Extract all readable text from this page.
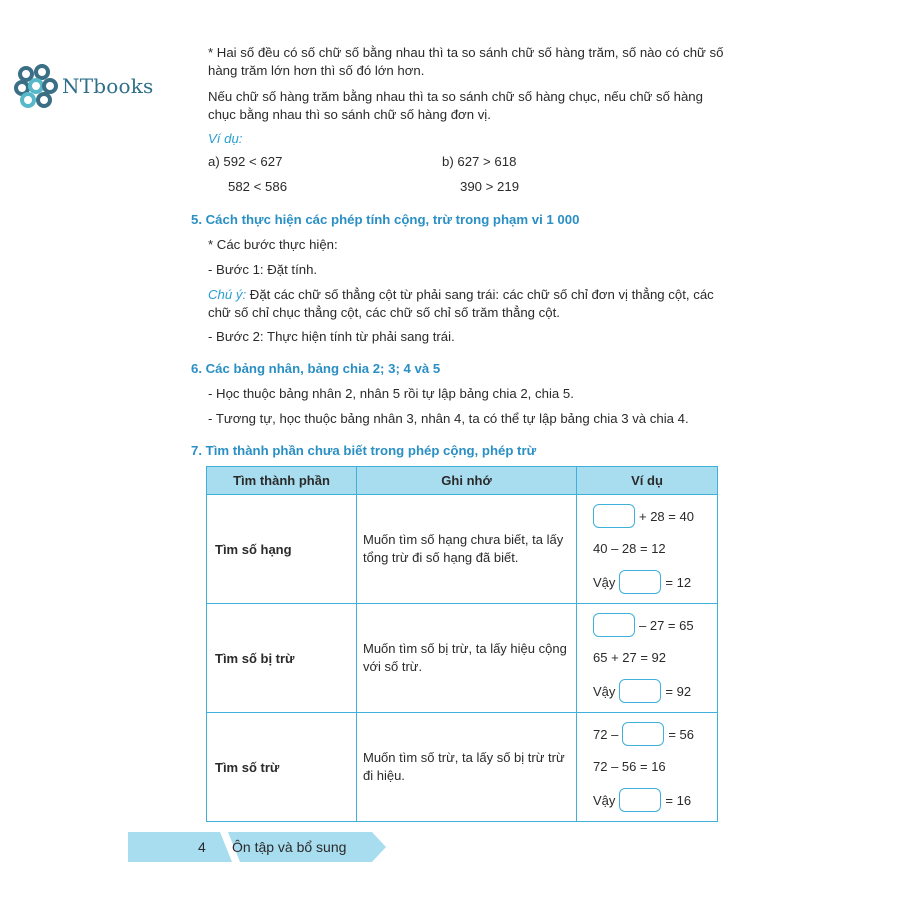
NTbooks
* Hai số đều có số chữ số bằng nhau thì ta so sánh chữ số hàng trăm, số nào có chữ số hàng trăm lớn hơn thì số đó lớn hơn.
Nếu chữ số hàng trăm bằng nhau thì ta so sánh chữ số hàng chục, nếu chữ số hàng chục bằng nhau thì so sánh chữ số hàng đơn vị.
Ví dụ:
a) 592 < 627
582 < 586
b) 627 > 618
390 > 219
5. Cách thực hiện các phép tính cộng, trừ trong phạm vi 1 000
* Các bước thực hiện:
- Bước 1: Đặt tính.
Chú ý: Đặt các chữ số thẳng cột từ phải sang trái: các chữ số chỉ đơn vị thẳng cột, các chữ số chỉ chục thẳng cột, các chữ số chỉ số trăm thẳng cột.
- Bước 2: Thực hiện tính từ phải sang trái.
6. Các bảng nhân, bảng chia 2; 3; 4 và 5
- Học thuộc bảng nhân 2, nhân 5 rồi tự lập bảng chia 2, chia 5.
- Tương tự, học thuộc bảng nhân 3, nhân 4, ta có thể tự lập bảng chia 3 và chia 4.
7. Tìm thành phần chưa biết trong phép cộng, phép trừ
Tìm thành phần	Ghi nhớ	Ví dụ
Tìm số hạng	Muốn tìm số hạng chưa biết, ta lấy tổng trừ đi số hạng đã biết.	+ 28 = 40
40 – 28 = 12
Vậy = 12

Tìm số bị trừ	Muốn tìm số bị trừ, ta lấy hiệu cộng với số trừ.	– 27 = 65
65 + 27 = 92
Vậy = 92

Tìm số trừ	Muốn tìm số trừ, ta lấy số bị trừ trừ đi hiệu.	72 – = 56
72 – 56 = 16
Vậy = 16
4 Ôn tập và bổ sung
